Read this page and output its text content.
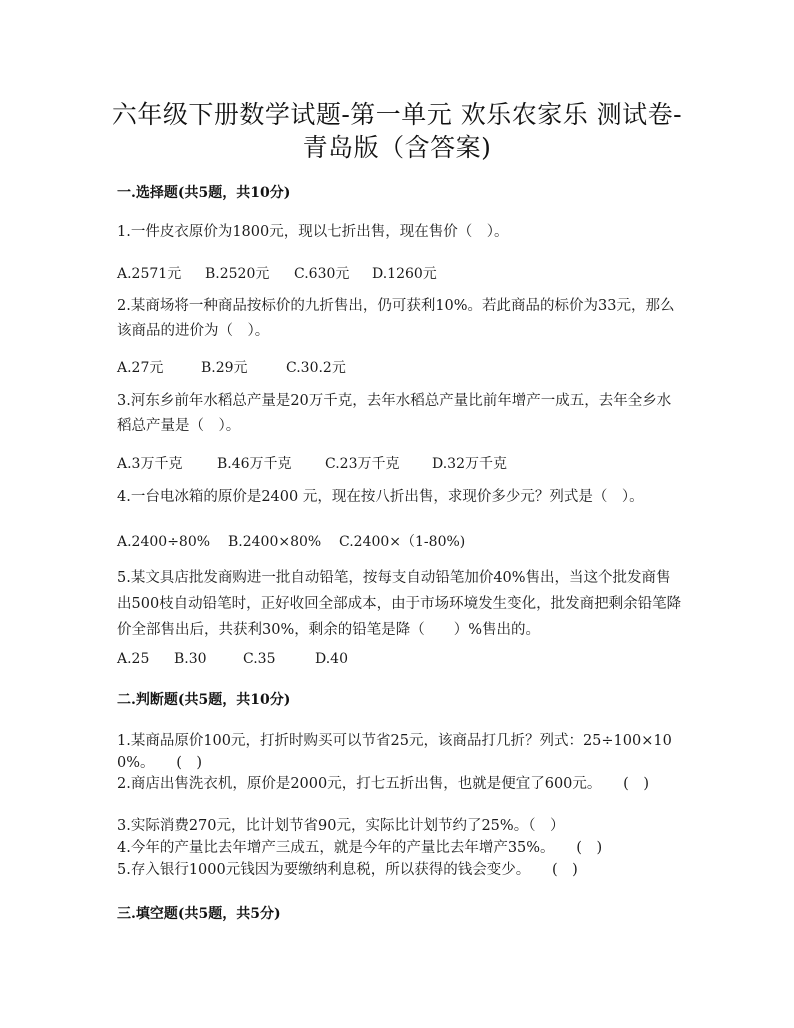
六年级下册数学试题-第一单元 欢乐农家乐 测试卷-
青岛版（含答案)
一.选择题(共5题，共10分)
1.一件皮衣原价为1800元，现以七折出售，现在售价（　）。
A.2571元 B.2520元 C.630元 D.1260元
2.某商场将一种商品按标价的九折售出，仍可获利10%。若此商品的标价为33元，那么该商品的进价为（　）。
A.27元	B.29元	C.30.2元
3.河东乡前年水稻总产量是20万千克，去年水稻总产量比前年增产一成五，去年全乡水稻总产量是（　）。
A.3万千克 B.46万千克 C.23万千克 D.32万千克
4.一台电冰箱的原价是2400 元，现在按八折出售，求现价多少元？列式是（　）。
A.2400÷80% B.2400×80% C.2400×（1-80%)
5.某文具店批发商购进一批自动铅笔，按每支自动铅笔加价40%售出，当这个批发商售出500枝自动铅笔时，正好收回全部成本，由于市场环境发生变化，批发商把剩余铅笔降价全部售出后，共获利30%，剩余的铅笔是降（　　）%售出的。
A.25 B.30	C.35	D.40
二.判断题(共5题，共10分)
1.某商品原价100元，打折时购买可以节省25元，该商品打几折？列式：25÷100×100%。　　(　)
2.商店出售洗衣机，原价是2000元，打七五折出售，也就是便宜了600元。　　(　)
3.实际消费270元，比计划节省90元，实际比计划节约了25%。（　）
4.今年的产量比去年增产三成五，就是今年的产量比去年增产35%。　　(　)
5.存入银行1000元钱因为要缴纳利息税，所以获得的钱会变少。　　(　)
三.填空题(共5题，共5分)
